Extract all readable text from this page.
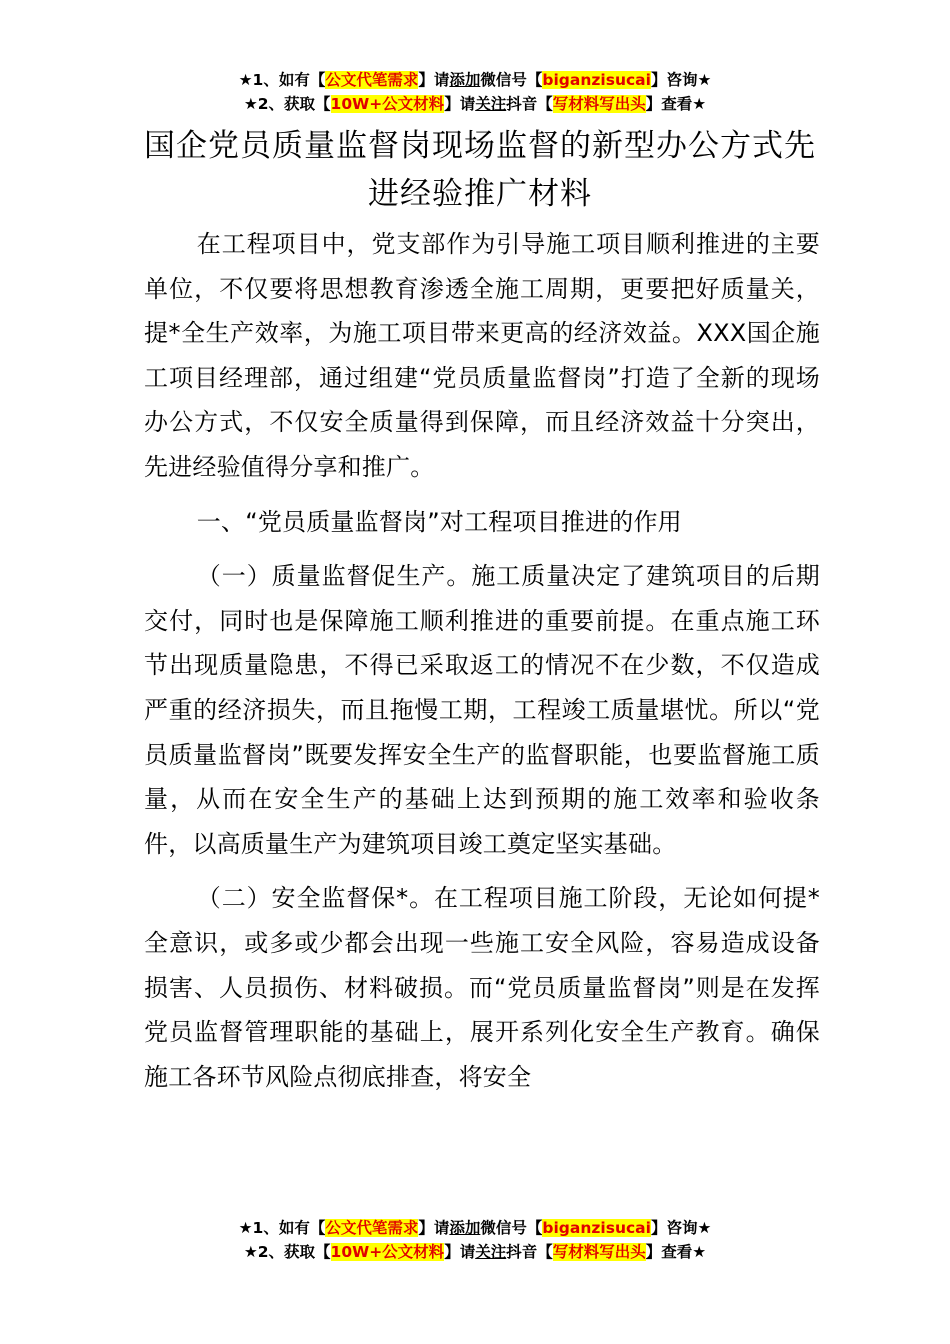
★1、如有【公文代笔需求】请添加微信号【biganzisucai】咨询★
★2、获取【10W+公文材料】请关注抖音【写材料写出头】查看★
国企党员质量监督岗现场监督的新型办公方式先进经验推广材料

在工程项目中，党支部作为引导施工项目顺利推进的主要单位，不仅要将思想教育渗透全施工周期，更要把好质量关，提*全生产效率，为施工项目带来更高的经济效益。XXX国企施工项目经理部，通过组建“党员质量监督岗”打造了全新的现场办公方式，不仅安全质量得到保障，而且经济效益十分突出，先进经验值得分享和推广。

一、“党员质量监督岗”对工程项目推进的作用

（一）质量监督促生产。施工质量决定了建筑项目的后期交付，同时也是保障施工顺利推进的重要前提。在重点施工环节出现质量隐患，不得已采取返工的情况不在少数，不仅造成严重的经济损失，而且拖慢工期，工程竣工质量堪忧。所以“党员质量监督岗”既要发挥安全生产的监督职能，也要监督施工质量，从而在安全生产的基础上达到预期的施工效率和验收条件，以高质量生产为建筑项目竣工奠定坚实基础。

（二）安全监督保*。在工程项目施工阶段，无论如何提*全意识，或多或少都会出现一些施工安全风险，容易造成设备损害、人员损伤、材料破损。而“党员质量监督岗”则是在发挥党员监督管理职能的基础上，展开系列化安全生产教育。确保施工各环节风险点彻底排查，将安全

★1、如有【公文代笔需求】请添加微信号【biganzisucai】咨询★
★2、获取【10W+公文材料】请关注抖音【写材料写出头】查看★
